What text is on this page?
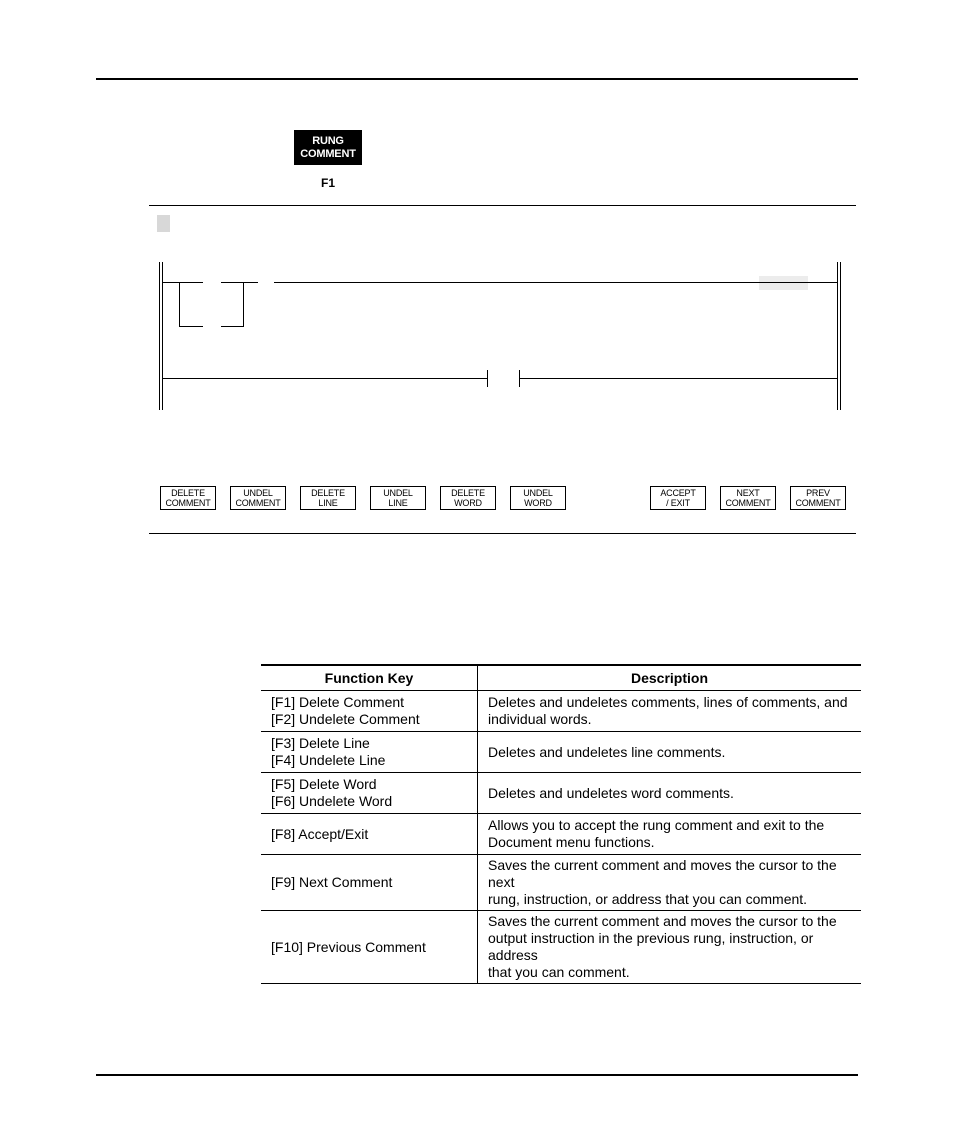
RUNG
COMMENT
F1
DELETE
COMMENT
UNDEL
COMMENT
DELETE
LINE
UNDEL
LINE
DELETE
WORD
UNDEL
WORD
ACCEPT
/ EXIT
NEXT
COMMENT
PREV
COMMENT
Function Key	Description

[F1] Delete Comment
[F2] Undelete Comment	Deletes and undeletes comments, lines of comments, and
individual words.

[F3] Delete Line
[F4] Undelete Line	Deletes and undeletes line comments.

[F5] Delete Word
[F6] Undelete Word	Deletes and undeletes word comments.

[F8] Accept/Exit	Allows you to accept the rung comment and exit to the
Document menu functions.

[F9] Next Comment	Saves the current comment and moves the cursor to the next
rung, instruction, or address that you can comment.

[F10] Previous Comment	Saves the current comment and moves the cursor to the
output instruction in the previous rung, instruction, or address
that you can comment.
